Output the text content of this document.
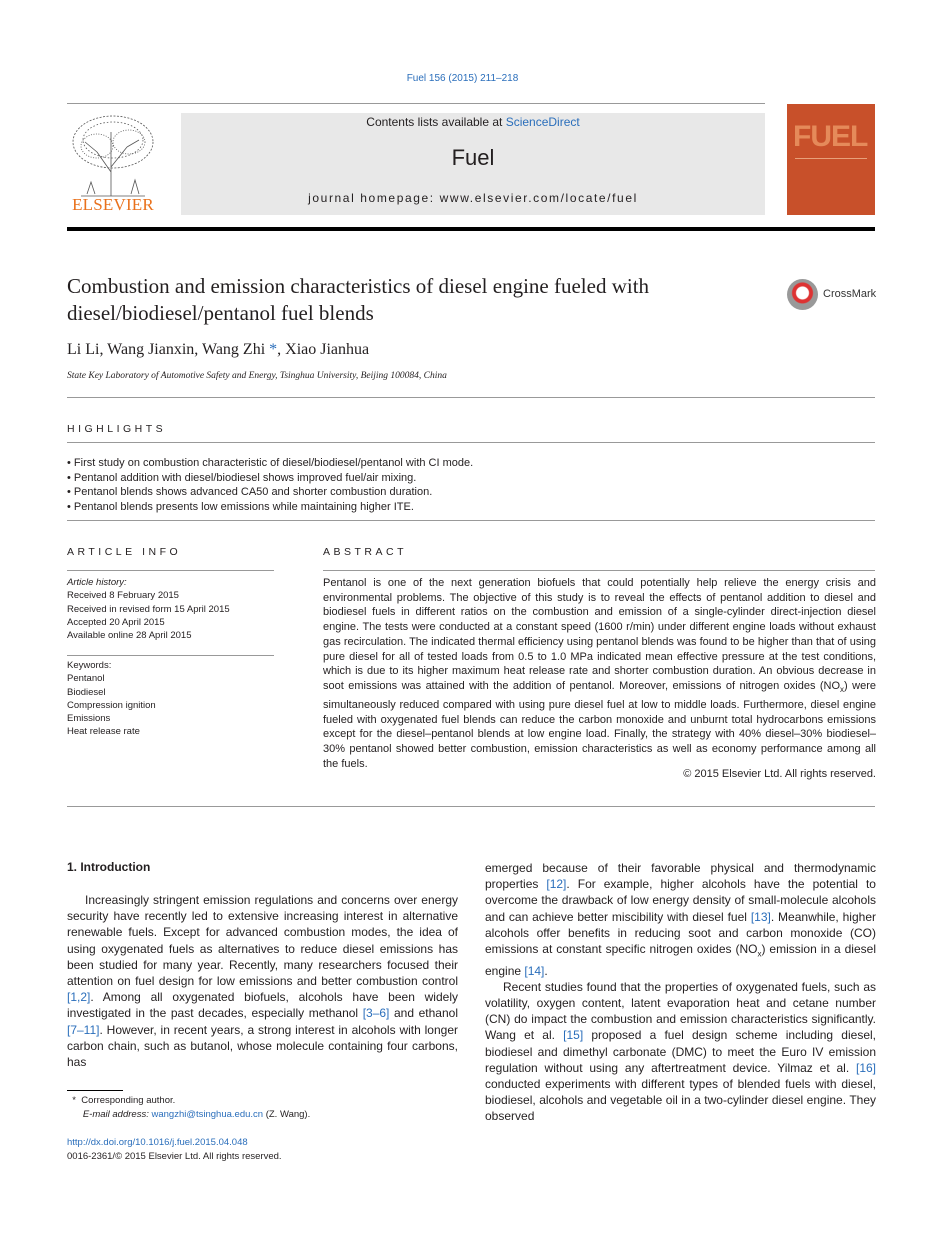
Fuel 156 (2015) 211–218
ELSEVIER
Contents lists available at ScienceDirect
Fuel
journal homepage: www.elsevier.com/locate/fuel
FUEL
Combustion and emission characteristics of diesel engine fueled with diesel/biodiesel/pentanol fuel blends
CrossMark
Li Li, Wang Jianxin, Wang Zhi *, Xiao Jianhua
State Key Laboratory of Automotive Safety and Energy, Tsinghua University, Beijing 100084, China
HIGHLIGHTS
• First study on combustion characteristic of diesel/biodiesel/pentanol with CI mode.
• Pentanol addition with diesel/biodiesel shows improved fuel/air mixing.
• Pentanol blends shows advanced CA50 and shorter combustion duration.
• Pentanol blends presents low emissions while maintaining higher ITE.
ARTICLE INFO
Article history:
Received 8 February 2015
Received in revised form 15 April 2015
Accepted 20 April 2015
Available online 28 April 2015
Keywords:
Pentanol
Biodiesel
Compression ignition
Emissions
Heat release rate
ABSTRACT
Pentanol is one of the next generation biofuels that could potentially help relieve the energy crisis and environmental problems. The objective of this study is to reveal the effects of pentanol addition to diesel and biodiesel fuels in different ratios on the combustion and emission of a single-cylinder direct-injection diesel engine. The tests were conducted at a constant speed (1600 r/min) under different engine loads without exhaust gas recirculation. The indicated thermal efficiency using pentanol blends was found to be higher than that of using pure diesel for all of tested loads from 0.5 to 1.0 MPa indicated mean effective pressure at the test conditions, which is due to its higher maximum heat release rate and shorter combustion duration. An obvious decrease in soot emissions was attained with the addition of pentanol. Moreover, emissions of nitrogen oxides $(NO_x)$ were simultaneously reduced compared with using pure diesel fuel at low to middle loads. Furthermore, diesel engine fueled with oxygenated fuel blends can reduce the carbon monoxide and unburnt total hydrocarbons emissions except for the diesel–pentanol blends at low engine load. Finally, the strategy with 40% diesel–30% biodiesel–30% pentanol showed better combustion, emission characteristics as well as economy performance among all the fuels.
© 2015 Elsevier Ltd. All rights reserved.
1. Introduction

Increasingly stringent emission regulations and concerns over energy security have recently led to extensive increasing interest in alternative renewable fuels. Except for advanced combustion modes, the idea of using oxygenated fuels as alternatives to reduce diesel emissions has been studied for many year. Recently, many researchers focused their attention on fuel design for low emissions and better combustion control [1,2]. Among all oxygenated biofuels, alcohols have been widely investigated in the past decades, especially methanol [3–6] and ethanol [7–11]. However, in recent years, a strong interest in alcohols with longer carbon chain, such as butanol, whose molecule containing four carbons, has

emerged because of their favorable physical and thermodynamic properties [12]. For example, higher alcohols have the potential to overcome the drawback of low energy density of small-molecule alcohols and can achieve better miscibility with diesel fuel [13]. Meanwhile, higher alcohols offer benefits in reducing soot and carbon monoxide (CO) emissions at constant specific nitrogen oxides $(NO_x)$ emission in a diesel engine [14].

Recent studies found that the properties of oxygenated fuels, such as volatility, oxygen content, latent evaporation heat and cetane number (CN) do impact the combustion and emission characteristics significantly. Wang et al. [15] proposed a fuel design scheme including diesel, biodiesel and dimethyl carbonate (DMC) to meet the Euro IV emission regulation without using any aftertreatment device. Yilmaz et al. [16] conducted experiments with different types of blended fuels with diesel, biodiesel, alcohols and vegetable oil in a two-cylinder diesel engine. They observed

*  Corresponding author.
E-mail address: wangzhi@tsinghua.edu.cn (Z. Wang).
http://dx.doi.org/10.1016/j.fuel.2015.04.048
0016-2361/© 2015 Elsevier Ltd. All rights reserved.
